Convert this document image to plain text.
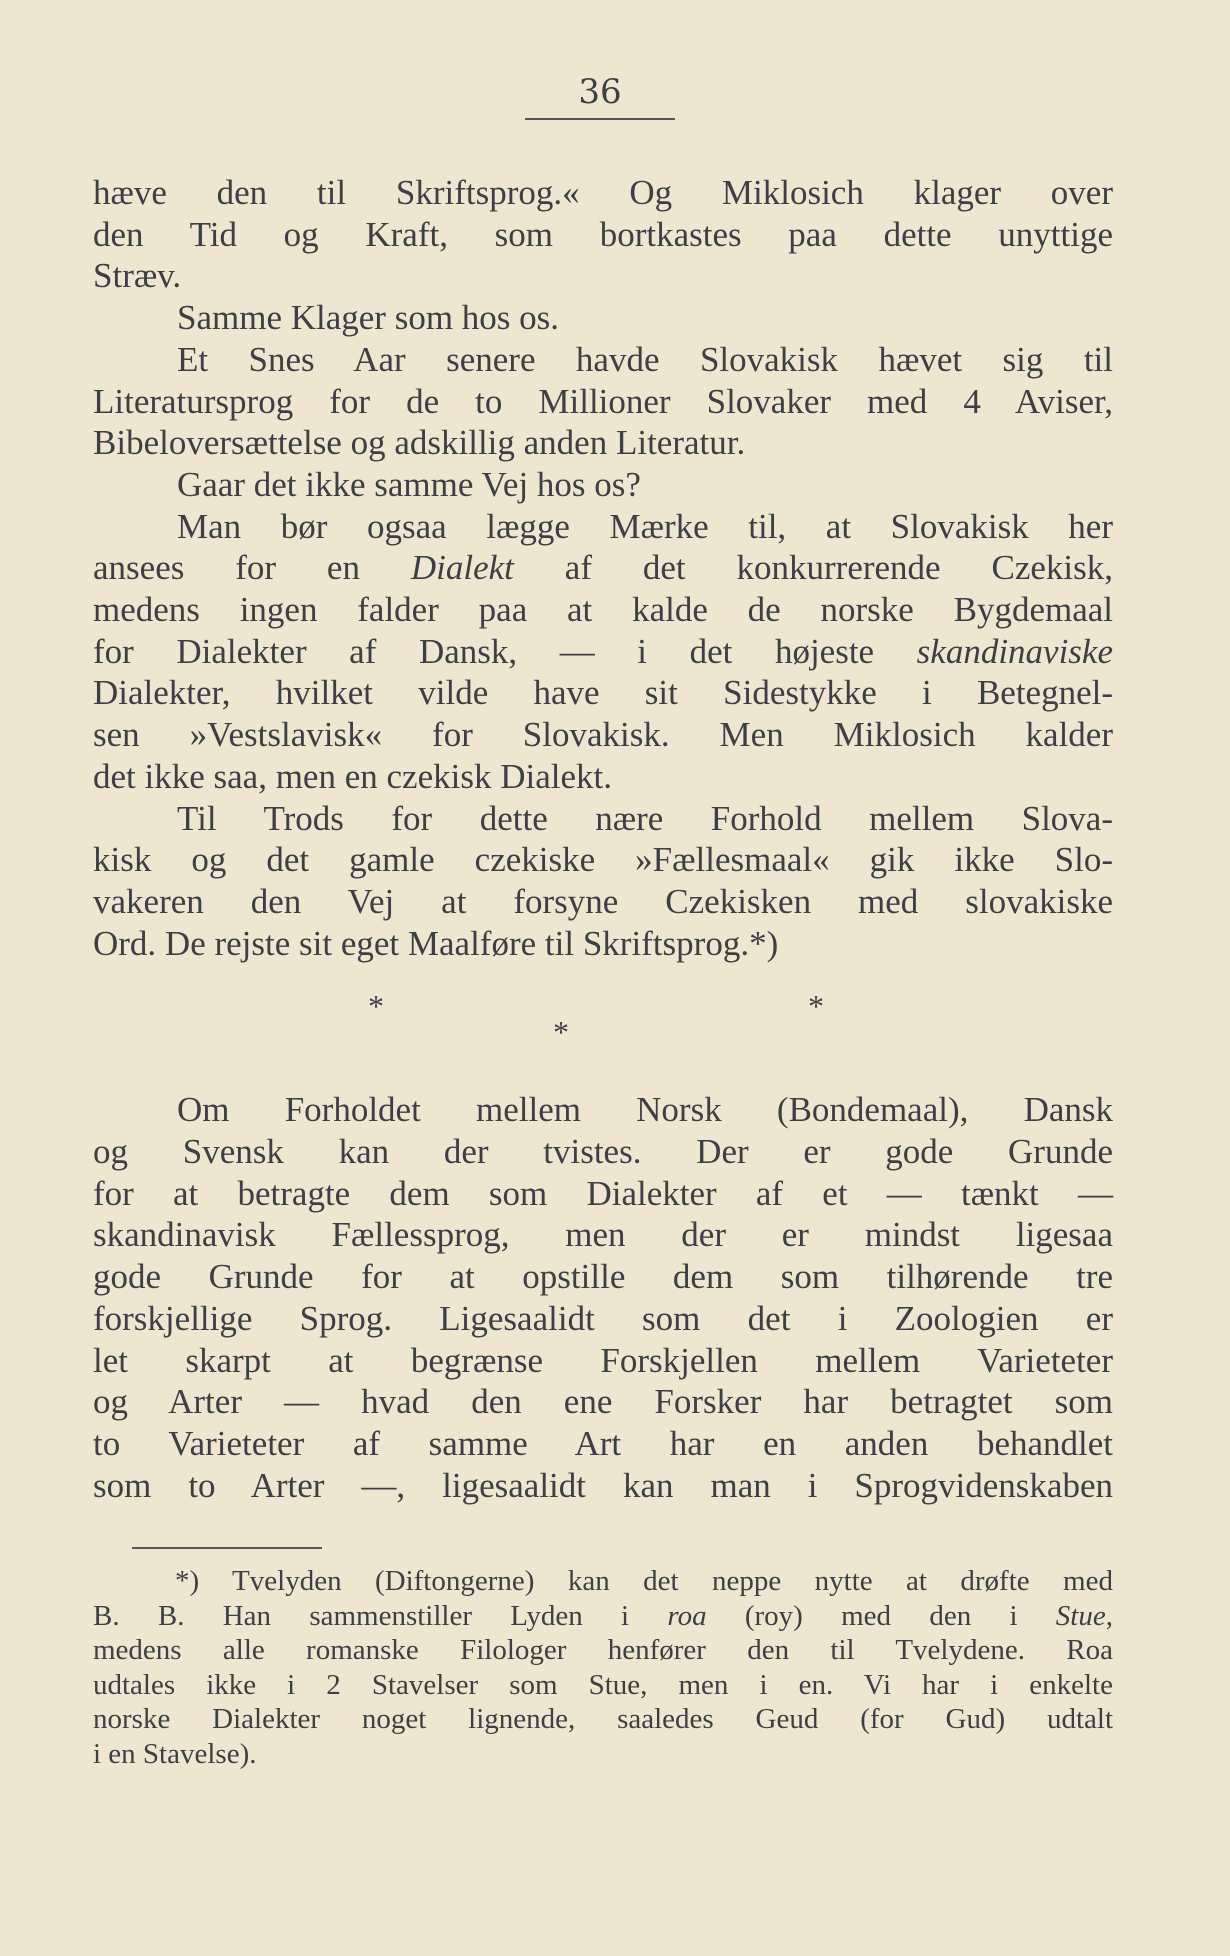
36

hæve den til Skriftsprog.« Og Miklosich klager over
den Tid og Kraft, som bortkastes paa dette unyttige
Stræv.

Samme Klager som hos os.

Et Snes Aar senere havde Slovakisk hævet sig til
Literatursprog for de to Millioner Slovaker med 4 Aviser,
Bibeloversættelse og adskillig anden Literatur.

Gaar det ikke samme Vej hos os?

Man bør ogsaa lægge Mærke til, at Slovakisk her
ansees for en Dialekt af det konkurrerende Czekisk,
medens ingen falder paa at kalde de norske Bygdemaal
for Dialekter af Dansk, — i det højeste skandinaviske
Dialekter, hvilket vilde have sit Sidestykke i Betegnel-
sen »Vestslavisk« for Slovakisk. Men Miklosich kalder
det ikke saa, men en czekisk Dialekt.

Til Trods for dette nære Forhold mellem Slova-
kisk og det gamle czekiske »Fællesmaal« gik ikke Slo-
vakeren den Vej at forsyne Czekisken med slovakiske
Ord. De rejste sit eget Maalføre til Skriftsprog.*)

*
*
*

Om Forholdet mellem Norsk (Bondemaal), Dansk
og Svensk kan der tvistes. Der er gode Grunde
for at betragte dem som Dialekter af et — tænkt —
skandinavisk Fællessprog, men der er mindst ligesaa
gode Grunde for at opstille dem som tilhørende tre
forskjellige Sprog. Ligesaalidt som det i Zoologien er
let skarpt at begrænse Forskjellen mellem Varieteter
og Arter — hvad den ene Forsker har betragtet som
to Varieteter af samme Art har en anden behandlet
som to Arter —, ligesaalidt kan man i Sprogvidenskaben

*) Tvelyden (Diftongerne) kan det neppe nytte at drøfte med
B. B. Han sammenstiller Lyden i roa (roy) med den i Stue,
medens alle romanske Filologer henfører den til Tvelydene. Roa
udtales ikke i 2 Stavelser som Stue, men i en. Vi har i enkelte
norske Dialekter noget lignende, saaledes Geud (for Gud) udtalt
i en Stavelse).
